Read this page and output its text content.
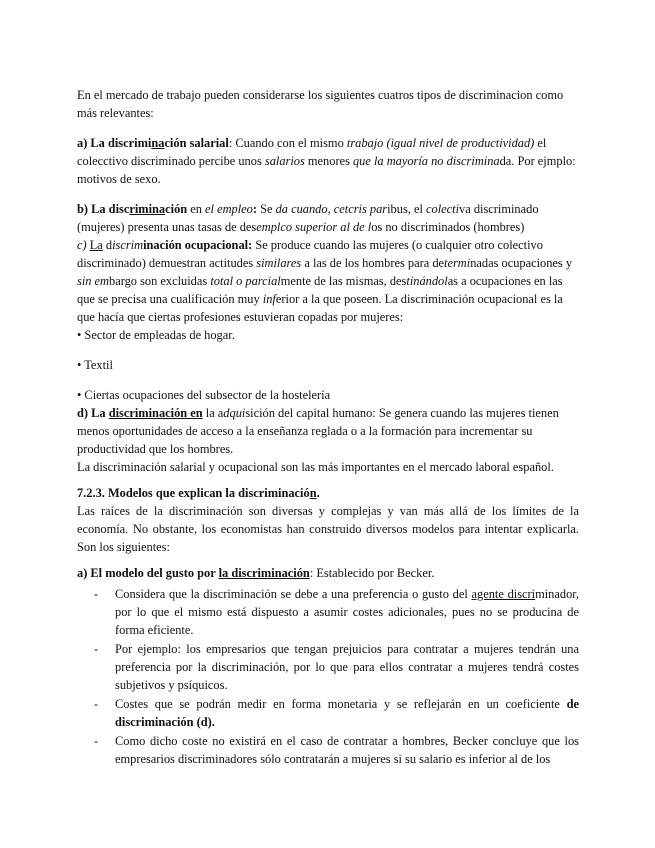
En el mercado de trabajo pueden considerarse los siguientes cuatros tipos de discriminacion como más relevantes:

a) La discriminación salarial: Cuando con el mismo trabajo (igual nivel de productividad) el colecctivo discriminado percibe unos salarios menores que la mayoría no discriminada. Por ejmplo: motivos de sexo.

b) La discriminación en el empleo: Se da cuando, cetcris paribus, el colectiva discriminado (mujeres) presenta unas tasas de desemplco superior al de los no discriminados (hombres)

c) La discriminación ocupacional: Se produce cuando las mujeres (o cualquier otro colectivo discriminado) demuestran actitudes similares a las de los hombres para determinadas ocupaciones y sin embargo son excluidas total o parcialmente de las mismas, destinándolas a ocupaciones en las que se precisa una cualificación muy inferior a la que poseen. La discriminación ocupacional es la que hacía que ciertas profesiones estuvieran copadas por mujeres:

• Sector de empleadas de hogar.

• Textil

• Ciertas ocupaciones del subsector de la hostelería

d) La discriminación en la adquisición del capital humano: Se genera cuando las mujeres tienen menos oportunidades de acceso a la enseñanza reglada o a la formación para incrementar su productividad que los hombres.

La discriminación salarial y ocupacional son las más importantes en el mercado laboral español.

7.2.3. Modelos que explican la discriminación.

Las raíces de la discriminación son diversas y complejas y van más allá de los límites de la economía. No obstante, los economistas han construido diversos modelos para intentar explicarla. Son los siguientes:

a) El modelo del gusto por la discriminación: Establecido por Becker.

- Considera que la discriminación se debe a una preferencia o gusto del agente discriminador, por lo que el mismo está dispuesto a asumir costes adicionales, pues no se producina de forma eficiente.
- Por ejemplo: los empresarios que tengan prejuicios para contratar a mujeres tendrán una preferencia por la discriminación, por lo que para ellos contratar a mujeres tendrá costes subjetivos y psíquicos.
- Costes que se podrán medir en forma monetaria y se reflejarán en un coeficiente de discriminación (d).
- Como dicho coste no existirá en el caso de contratar a hombres, Becker concluye que los empresarios discriminadores sólo contratarán a mujeres si su salario es inferior al de los
